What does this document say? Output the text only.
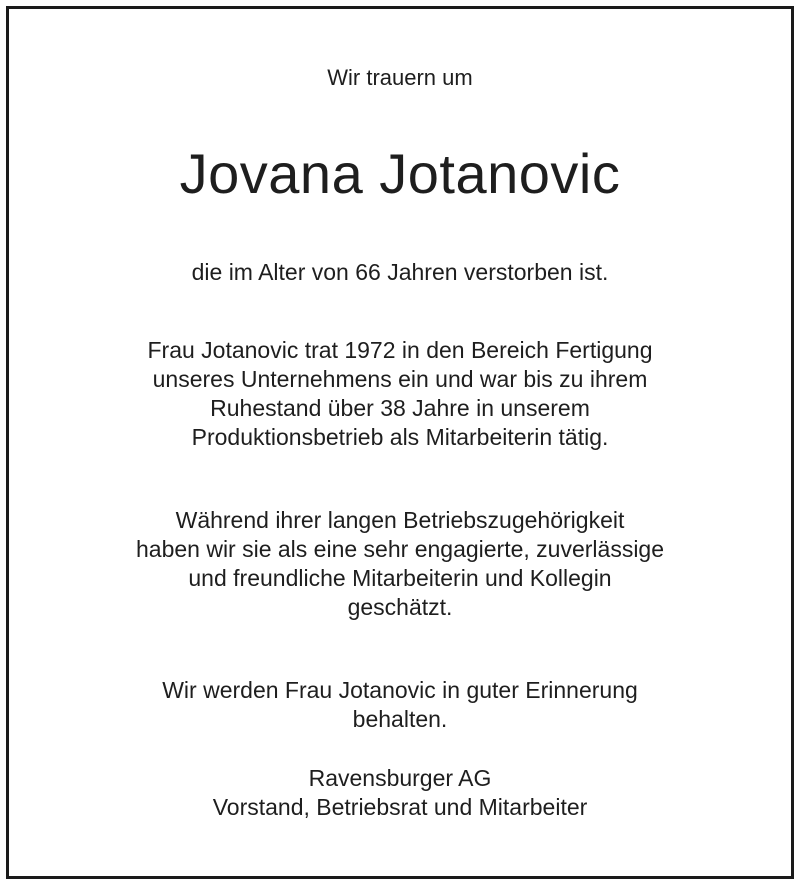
Wir trauern um
Jovana Jotanovic
die im Alter von 66 Jahren verstorben ist.
Frau Jotanovic trat 1972 in den Bereich Fertigung
unseres Unternehmens ein und war bis zu ihrem
Ruhestand über 38 Jahre in unserem
Produktionsbetrieb als Mitarbeiterin tätig.
Während ihrer langen Betriebszugehörigkeit
haben wir sie als eine sehr engagierte, zuverlässige
und freundliche Mitarbeiterin und Kollegin
geschätzt.
Wir werden Frau Jotanovic in guter Erinnerung
behalten.
Ravensburger AG
Vorstand, Betriebsrat und Mitarbeiter
